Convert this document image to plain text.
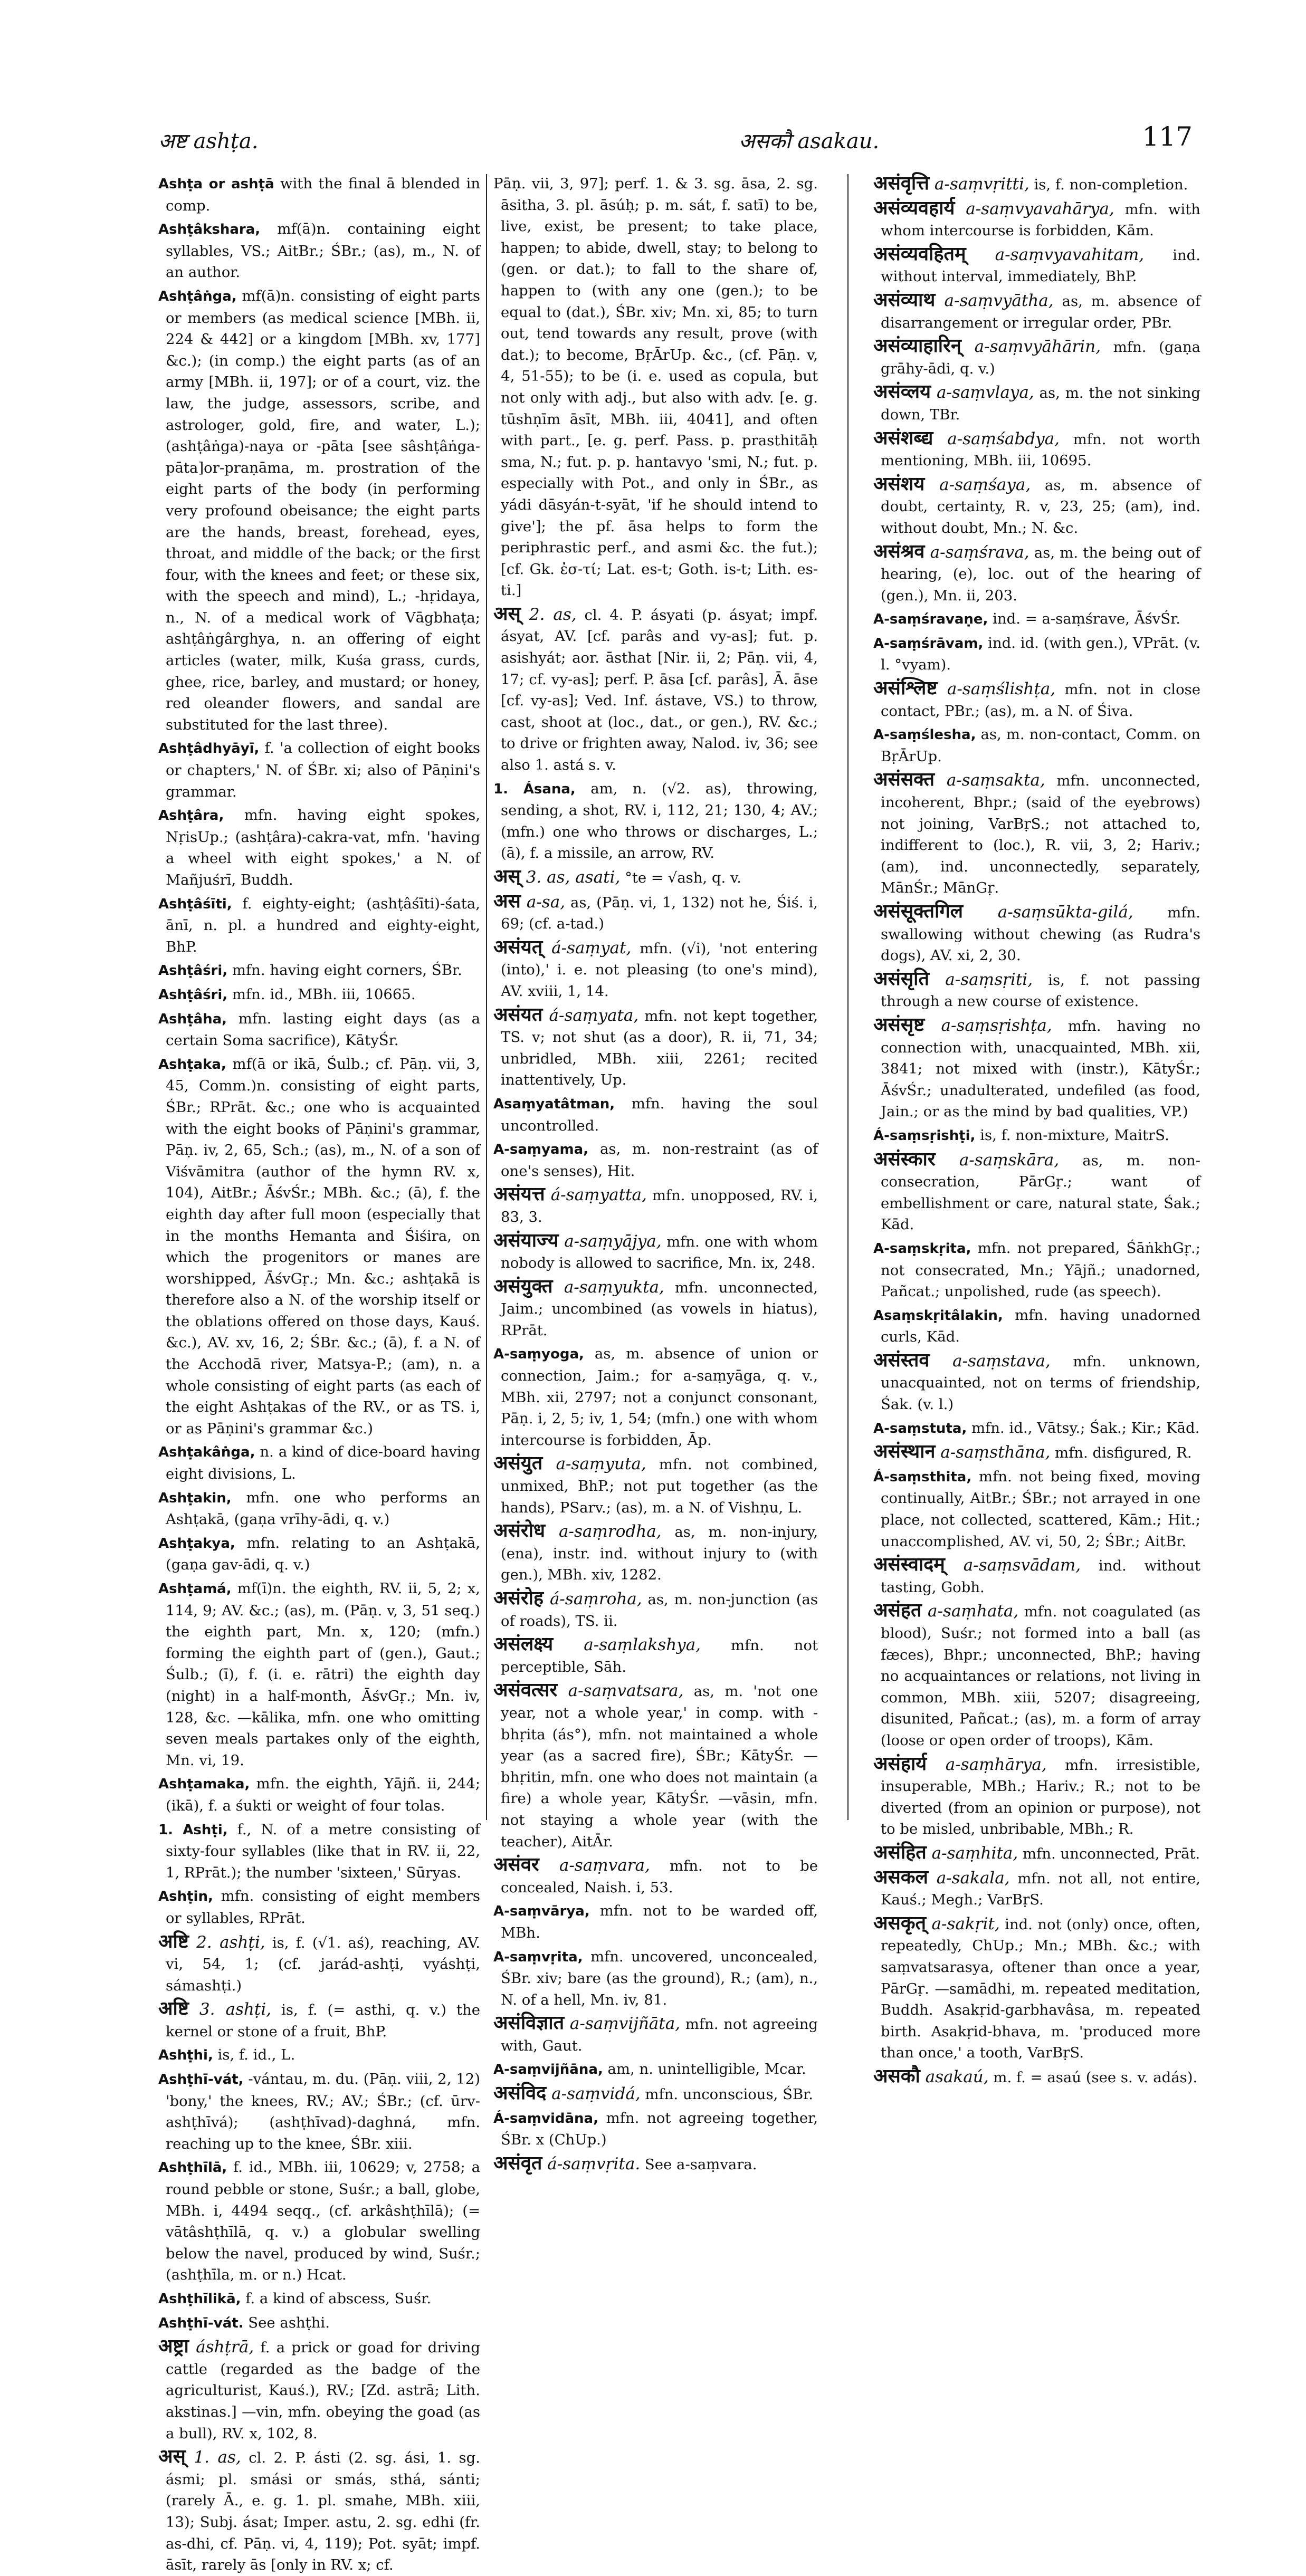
अष्ट ashṭa.	असकौ asakau.	117

Ashṭa or ashṭā with the final ā blended in comp.

Ashṭâkshara, mf(ā)n. containing eight syllables, VS.; AitBr.; ŚBr.; (as), m., N. of an author.

Ashṭâṅga, mf(ā)n. consisting of eight parts or members (as medical science [MBh. ii, 224 & 442] or a kingdom [MBh. xv, 177] &c.); (in comp.) the eight parts (as of an army [MBh. ii, 197]; or of a court, viz. the law, the judge, assessors, scribe, and astrologer, gold, fire, and water, L.); (ashṭâṅga)-naya or -pāta [see sâshṭâṅga-pāta]or-praṇāma, m. prostration of the eight parts of the body (in performing very profound obeisance; the eight parts are the hands, breast, forehead, eyes, throat, and middle of the back; or the first four, with the knees and feet; or these six, with the speech and mind), L.; -hṛidaya, n., N. of a medical work of Vāgbhaṭa; ashṭâṅgârghya, n. an offering of eight articles (water, milk, Kuśa grass, curds, ghee, rice, barley, and mustard; or honey, red oleander flowers, and sandal are substituted for the last three).

Ashṭâdhyāyī, f. 'a collection of eight books or chapters,' N. of ŚBr. xi; also of Pāṇini's grammar.

Ashṭâra, mfn. having eight spokes, NṛisUp.; (ashṭâra)-cakra-vat, mfn. 'having a wheel with eight spokes,' a N. of Mañjuśrī, Buddh.

Ashṭâśīti, f. eighty-eight; (ashṭâśīti)-śata, ānī, n. pl. a hundred and eighty-eight, BhP.

Ashṭâśri, mfn. having eight corners, ŚBr.

Ashṭâśri, mfn. id., MBh. iii, 10665.

Ashṭâha, mfn. lasting eight days (as a certain Soma sacrifice), KātyŚr.

Ashṭaka, mf(ā or ikā, Śulb.; cf. Pāṇ. vii, 3, 45, Comm.)n. consisting of eight parts, ŚBr.; RPrāt. &c.; one who is acquainted with the eight books of Pāṇini's grammar, Pāṇ. iv, 2, 65, Sch.; (as), m., N. of a son of Viśvāmitra (author of the hymn RV. x, 104), AitBr.; ĀśvŚr.; MBh. &c.; (ā), f. the eighth day after full moon (especially that in the months Hemanta and Śiśira, on which the progenitors or manes are worshipped, ĀśvGṛ.; Mn. &c.; ashṭakā is therefore also a N. of the worship itself or the oblations offered on those days, Kauś. &c.), AV. xv, 16, 2; ŚBr. &c.; (ā), f. a N. of the Acchodā river, Matsya-P.; (am), n. a whole consisting of eight parts (as each of the eight Ashṭakas of the RV., or as TS. i, or as Pāṇini's grammar &c.)

Ashṭakâṅga, n. a kind of dice-board having eight divisions, L.

Ashṭakin, mfn. one who performs an Ashṭakā, (gaṇa vrīhy-ādi, q. v.)

Ashṭakya, mfn. relating to an Ashṭakā, (gaṇa gav-ādi, q. v.)

Ashṭamá, mf(ī)n. the eighth, RV. ii, 5, 2; x, 114, 9; AV. &c.; (as), m. (Pāṇ. v, 3, 51 seq.) the eighth part, Mn. x, 120; (mfn.) forming the eighth part of (gen.), Gaut.; Śulb.; (ī), f. (i. e. rātri) the eighth day (night) in a half-month, ĀśvGṛ.; Mn. iv, 128, &c. —kālika, mfn. one who omitting seven meals partakes only of the eighth, Mn. vi, 19.

Ashṭamaka, mfn. the eighth, Yājñ. ii, 244; (ikā), f. a śukti or weight of four tolas.

1. Ashṭi, f., N. of a metre consisting of sixty-four syllables (like that in RV. ii, 22, 1, RPrāt.); the number 'sixteen,' Sūryas.

Ashṭin, mfn. consisting of eight members or syllables, RPrāt.

अष्टि 2. ashṭi, is, f. (√1. aś), reaching, AV. vi, 54, 1; (cf. jarád-ashṭi, vyáshṭi, sámashṭi.)

अष्टि 3. ashṭi, is, f. (= asthi, q. v.) the kernel or stone of a fruit, BhP.

Ashṭhi, is, f. id., L.

Ashṭhī-vát, -vántau, m. du. (Pāṇ. viii, 2, 12) 'bony,' the knees, RV.; AV.; ŚBr.; (cf. ūrv-ashṭhīvá); (ashṭhīvad)-daghná, mfn. reaching up to the knee, ŚBr. xiii.

Ashṭhīlā, f. id., MBh. iii, 10629; v, 2758; a round pebble or stone, Suśr.; a ball, globe, MBh. i, 4494 seqq., (cf. arkâshṭhīlā); (= vātâshṭhīlā, q. v.) a globular swelling below the navel, produced by wind, Suśr.; (ashṭhīla, m. or n.) Hcat.

Ashṭhīlikā, f. a kind of abscess, Suśr.

Ashṭhī-vát. See ashṭhi.

अष्ट्रा áshṭrā, f. a prick or goad for driving cattle (regarded as the badge of the agriculturist, Kauś.), RV.; [Zd. astrā; Lith. akstinas.] —vin, mfn. obeying the goad (as a bull), RV. x, 102, 8.

अस् 1. as, cl. 2. P. ásti (2. sg. ási, 1. sg. ásmi; pl. smási or smás, sthá, sánti; (rarely Ā., e. g. 1. pl. smahe, MBh. xiii, 13); Subj. ásat; Imper. astu, 2. sg. edhi (fr. as-dhi, cf. Pāṇ. vi, 4, 119); Pot. syāt; impf. āsīt, rarely ās [only in RV. x; cf.

Pāṇ. vii, 3, 97]; perf. 1. & 3. sg. āsa, 2. sg. āsitha, 3. pl. āsúḥ; p. m. sát, f. satī) to be, live, exist, be present; to take place, happen; to abide, dwell, stay; to belong to (gen. or dat.); to fall to the share of, happen to (with any one (gen.); to be equal to (dat.), ŚBr. xiv; Mn. xi, 85; to turn out, tend towards any result, prove (with dat.); to become, BṛĀrUp. &c., (cf. Pāṇ. v, 4, 51-55); to be (i. e. used as copula, but not only with adj., but also with adv. [e. g. tūshṇīm āsīt, MBh. iii, 4041], and often with part., [e. g. perf. Pass. p. prasthitāḥ sma, N.; fut. p. p. hantavyo 'smi, N.; fut. p. especially with Pot., and only in ŚBr., as yádi dāsyán-t-syāt, 'if he should intend to give']; the pf. āsa helps to form the periphrastic perf., and asmi &c. the fut.); [cf. Gk. ἐσ-τί; Lat. es-t; Goth. is-t; Lith. es-ti.]

अस् 2. as, cl. 4. P. ásyati (p. ásyat; impf. ásyat, AV. [cf. parâs and vy-as]; fut. p. asishyát; aor. āsthat [Nir. ii, 2; Pāṇ. vii, 4, 17; cf. vy-as]; perf. P. āsa [cf. parâs], Ā. āse [cf. vy-as]; Ved. Inf. ástave, VS.) to throw, cast, shoot at (loc., dat., or gen.), RV. &c.; to drive or frighten away, Nalod. iv, 36; see also 1. astá s. v.

1. Ásana, am, n. (√2. as), throwing, sending, a shot, RV. i, 112, 21; 130, 4; AV.; (mfn.) one who throws or discharges, L.; (ā), f. a missile, an arrow, RV.

अस् 3. as, asati, °te = √ash, q. v.

अस a-sa, as, (Pāṇ. vi, 1, 132) not he, Śiś. i, 69; (cf. a-tad.)

असंयत् á-saṃyat, mfn. (√i), 'not entering (into),' i. e. not pleasing (to one's mind), AV. xviii, 1, 14.

असंयत á-saṃyata, mfn. not kept together, TS. v; not shut (as a door), R. ii, 71, 34; unbridled, MBh. xiii, 2261; recited inattentively, Up.

Asaṃyatâtman, mfn. having the soul uncontrolled.

A-saṃyama, as, m. non-restraint (as of one's senses), Hit.

असंयत्त á-saṃyatta, mfn. unopposed, RV. i, 83, 3.

असंयाज्य a-saṃyājya, mfn. one with whom nobody is allowed to sacrifice, Mn. ix, 248.

असंयुक्त a-saṃyukta, mfn. unconnected, Jaim.; uncombined (as vowels in hiatus), RPrāt.

A-saṃyoga, as, m. absence of union or connection, Jaim.; for a-saṃyāga, q. v., MBh. xii, 2797; not a conjunct consonant, Pāṇ. i, 2, 5; iv, 1, 54; (mfn.) one with whom intercourse is forbidden, Āp.

असंयुत a-saṃyuta, mfn. not combined, unmixed, BhP.; not put together (as the hands), PSarv.; (as), m. a N. of Vishṇu, L.

असंरोध a-saṃrodha, as, m. non-injury, (ena), instr. ind. without injury to (with gen.), MBh. xiv, 1282.

असंरोह á-saṃroha, as, m. non-junction (as of roads), TS. ii.

असंलक्ष्य a-saṃlakshya, mfn. not perceptible, Sāh.

असंवत्सर a-saṃvatsara, as, m. 'not one year, not a whole year,' in comp. with -bhṛita (ás°), mfn. not maintained a whole year (as a sacred fire), ŚBr.; KātyŚr. —bhṛitin, mfn. one who does not maintain (a fire) a whole year, KātyŚr. —vāsin, mfn. not staying a whole year (with the teacher), AitĀr.

असंवर a-saṃvara, mfn. not to be concealed, Naish. i, 53.

A-saṃvārya, mfn. not to be warded off, MBh.

A-saṃvṛita, mfn. uncovered, unconcealed, ŚBr. xiv; bare (as the ground), R.; (am), n., N. of a hell, Mn. iv, 81.

असंविज्ञात a-saṃvijñāta, mfn. not agreeing with, Gaut.

A-saṃvijñāna, am, n. unintelligible, Mcar.

असंविद a-saṃvidá, mfn. unconscious, ŚBr.

Á-saṃvidāna, mfn. not agreeing together, ŚBr. x (ChUp.)

असंवृत á-saṃvṛita. See a-saṃvara.

असंवृत्ति a-saṃvṛitti, is, f. non-completion.

असंव्यवहार्य a-saṃvyavahārya, mfn. with whom intercourse is forbidden, Kām.

असंव्यवहितम् a-saṃvyavahitam, ind. without interval, immediately, BhP.

असंव्याथ a-saṃvyātha, as, m. absence of disarrangement or irregular order, PBr.

असंव्याहारिन् a-saṃvyāhārin, mfn. (gaṇa grāhy-ādi, q. v.)

असंव्लय a-saṃvlaya, as, m. the not sinking down, TBr.

असंशब्द्य a-saṃśabdya, mfn. not worth mentioning, MBh. iii, 10695.

असंशय a-saṃśaya, as, m. absence of doubt, certainty, R. v, 23, 25; (am), ind. without doubt, Mn.; N. &c.

असंश्रव a-saṃśrava, as, m. the being out of hearing, (e), loc. out of the hearing of (gen.), Mn. ii, 203.

A-saṃśravaṇe, ind. = a-saṃśrave, ĀśvŚr.

A-saṃśrāvam, ind. id. (with gen.), VPrāt. (v. l. °vyam).

असंश्लिष्ट a-saṃślishṭa, mfn. not in close contact, PBr.; (as), m. a N. of Śiva.

A-saṃślesha, as, m. non-contact, Comm. on BṛĀrUp.

असंसक्त a-saṃsakta, mfn. unconnected, incoherent, Bhpr.; (said of the eyebrows) not joining, VarBṛS.; not attached to, indifferent to (loc.), R. vii, 3, 2; Hariv.; (am), ind. unconnectedly, separately, MānŚr.; MānGṛ.

असंसूक्तगिल a-saṃsūkta-gilá, mfn. swallowing without chewing (as Rudra's dogs), AV. xi, 2, 30.

असंसृति a-saṃsṛiti, is, f. not passing through a new course of existence.

असंसृष्ट a-saṃsṛishṭa, mfn. having no connection with, unacquainted, MBh. xii, 3841; not mixed with (instr.), KātyŚr.; ĀśvŚr.; unadulterated, undefiled (as food, Jain.; or as the mind by bad qualities, VP.)

Á-saṃsṛishṭi, is, f. non-mixture, MaitrS.

असंस्कार a-saṃskāra, as, m. non-consecration, PārGṛ.; want of embellishment or care, natural state, Śak.; Kād.

A-saṃskṛita, mfn. not prepared, ŚāṅkhGṛ.; not consecrated, Mn.; Yājñ.; unadorned, Pañcat.; unpolished, rude (as speech).

Asaṃskṛitâlakin, mfn. having unadorned curls, Kād.

असंस्तव a-saṃstava, mfn. unknown, unacquainted, not on terms of friendship, Śak. (v. l.)

A-saṃstuta, mfn. id., Vātsy.; Śak.; Kir.; Kād.

असंस्थान a-saṃsthāna, mfn. disfigured, R.

Á-saṃsthita, mfn. not being fixed, moving continually, AitBr.; ŚBr.; not arrayed in one place, not collected, scattered, Kām.; Hit.; unaccomplished, AV. vi, 50, 2; ŚBr.; AitBr.

असंस्वादम् a-saṃsvādam, ind. without tasting, Gobh.

असंहत a-saṃhata, mfn. not coagulated (as blood), Suśr.; not formed into a ball (as fæces), Bhpr.; unconnected, BhP.; having no acquaintances or relations, not living in common, MBh. xiii, 5207; disagreeing, disunited, Pañcat.; (as), m. a form of array (loose or open order of troops), Kām.

असंहार्य a-saṃhārya, mfn. irresistible, insuperable, MBh.; Hariv.; R.; not to be diverted (from an opinion or purpose), not to be misled, unbribable, MBh.; R.

असंहित a-saṃhita, mfn. unconnected, Prāt.

असकल a-sakala, mfn. not all, not entire, Kauś.; Megh.; VarBṛS.

असकृत् a-sakṛit, ind. not (only) once, often, repeatedly, ChUp.; Mn.; MBh. &c.; with saṃvatsarasya, oftener than once a year, PārGṛ. —samādhi, m. repeated meditation, Buddh. Asakṛid-garbhavâsa, m. repeated birth. Asakṛid-bhava, m. 'produced more than once,' a tooth, VarBṛS.

असकौ asakaú, m. f. = asaú (see s. v. adás).
